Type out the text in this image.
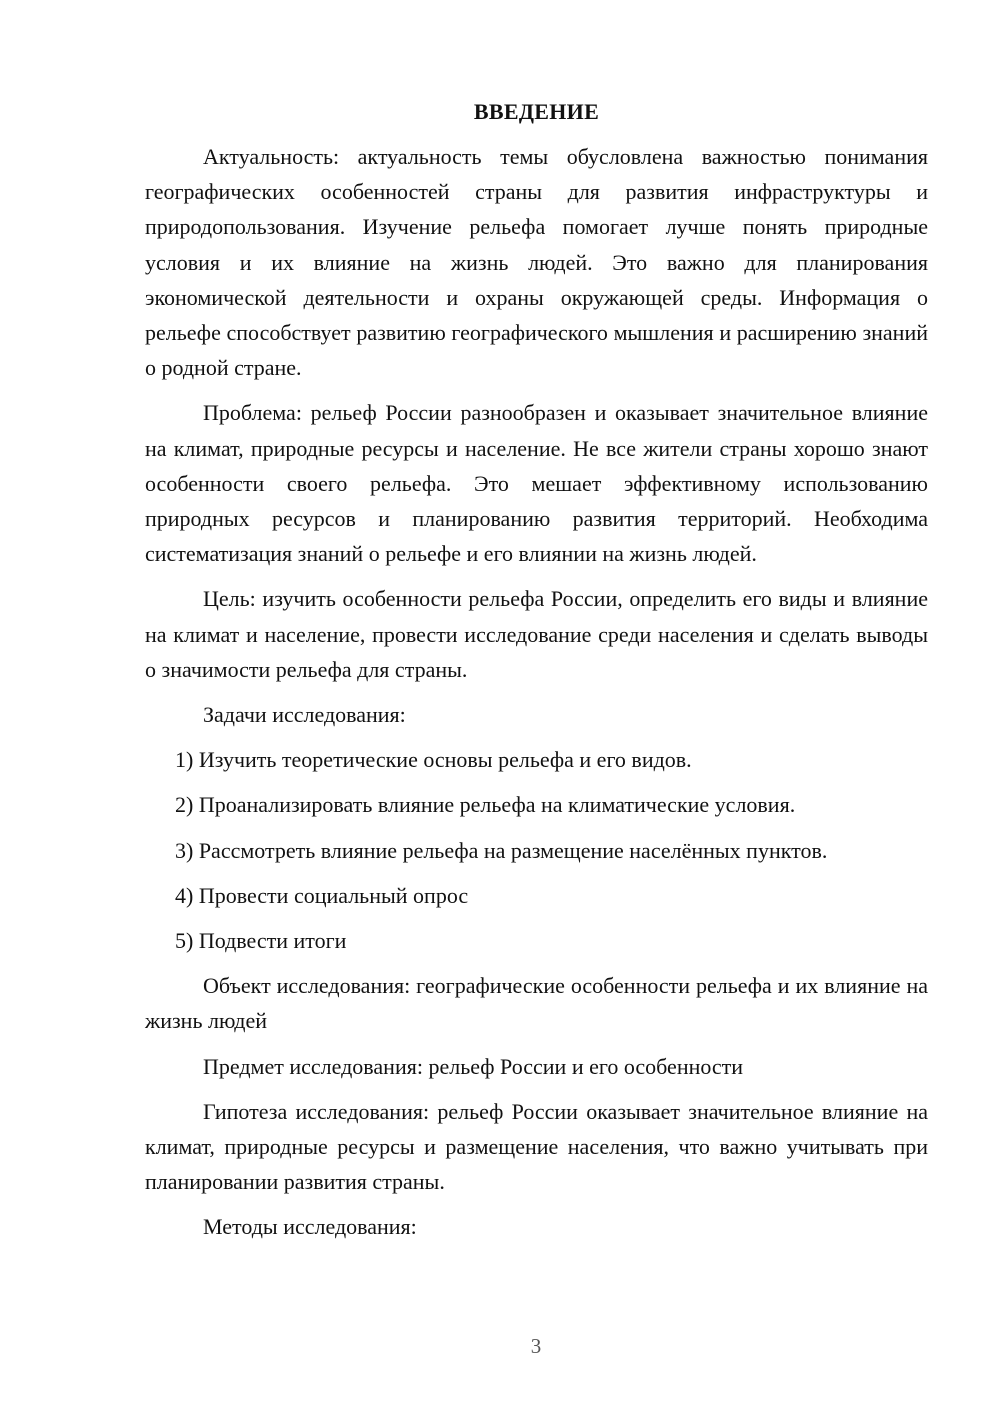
ВВЕДЕНИЕ

Актуальность: актуальность темы обусловлена важностью понимания географических особенностей страны для развития инфраструктуры и природопользования. Изучение рельефа помогает лучше понять природные условия и их влияние на жизнь людей. Это важно для планирования экономической деятельности и охраны окружающей среды. Информация о рельефе способствует развитию географического мышления и расширению знаний о родной стране.

Проблема: рельеф России разнообразен и оказывает значительное влияние на климат, природные ресурсы и население. Не все жители страны хорошо знают особенности своего рельефа. Это мешает эффективному использованию природных ресурсов и планированию развития территорий. Необходима систематизация знаний о рельефе и его влиянии на жизнь людей.

Цель: изучить особенности рельефа России, определить его виды и влияние на климат и население, провести исследование среди населения и сделать выводы о значимости рельефа для страны.

Задачи исследования:

1) Изучить теоретические основы рельефа и его видов.
2) Проанализировать влияние рельефа на климатические условия.
3) Рассмотреть влияние рельефа на размещение населённых пунктов.
4) Провести социальный опрос
5) Подвести итоги

Объект исследования: географические особенности рельефа и их влияние на жизнь людей

Предмет исследования: рельеф России и его особенности

Гипотеза исследования: рельеф России оказывает значительное влияние на климат, природные ресурсы и размещение населения, что важно учитывать при планировании развития страны.

Методы исследования:

3
